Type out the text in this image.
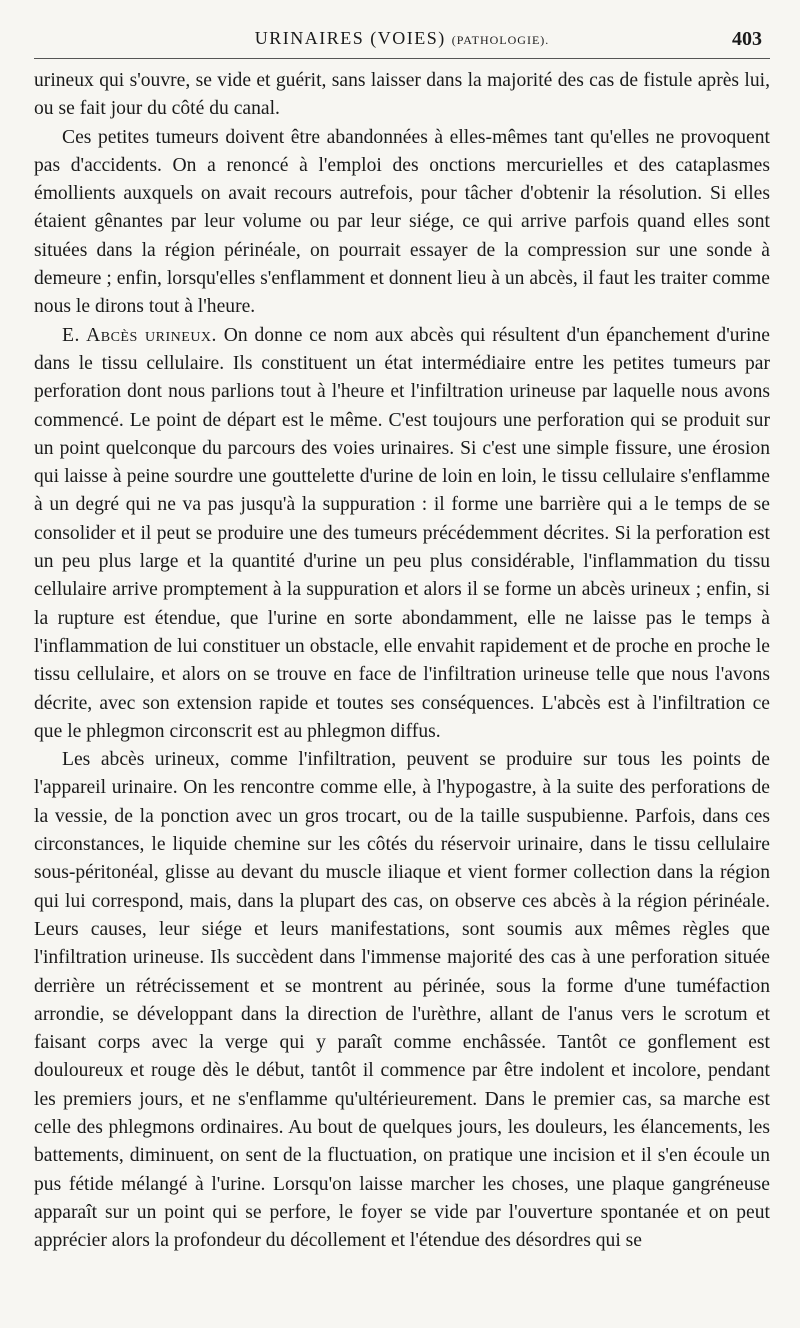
URINAIRES (VOIES) (PATHOLOGIE).	403

urineux qui s'ouvre, se vide et guérit, sans laisser dans la majorité des cas de fistule après lui, ou se fait jour du côté du canal.

Ces petites tumeurs doivent être abandonnées à elles-mêmes tant qu'elles ne provoquent pas d'accidents. On a renoncé à l'emploi des onctions mercurielles et des cataplasmes émollients auxquels on avait recours autrefois, pour tâcher d'obtenir la résolution. Si elles étaient gênantes par leur volume ou par leur siége, ce qui arrive parfois quand elles sont situées dans la région périnéale, on pourrait essayer de la compression sur une sonde à demeure ; enfin, lorsqu'elles s'enflamment et donnent lieu à un abcès, il faut les traiter comme nous le dirons tout à l'heure.

E. Abcès urineux. On donne ce nom aux abcès qui résultent d'un épanchement d'urine dans le tissu cellulaire. Ils constituent un état intermédiaire entre les petites tumeurs par perforation dont nous parlions tout à l'heure et l'infiltration urineuse par laquelle nous avons commencé. Le point de départ est le même. C'est toujours une perforation qui se produit sur un point quelconque du parcours des voies urinaires. Si c'est une simple fissure, une érosion qui laisse à peine sourdre une gouttelette d'urine de loin en loin, le tissu cellulaire s'enflamme à un degré qui ne va pas jusqu'à la suppuration : il forme une barrière qui a le temps de se consolider et il peut se produire une des tumeurs précédemment décrites. Si la perforation est un peu plus large et la quantité d'urine un peu plus considérable, l'inflammation du tissu cellulaire arrive promptement à la suppuration et alors il se forme un abcès urineux ; enfin, si la rupture est étendue, que l'urine en sorte abondamment, elle ne laisse pas le temps à l'inflammation de lui constituer un obstacle, elle envahit rapidement et de proche en proche le tissu cellulaire, et alors on se trouve en face de l'infiltration urineuse telle que nous l'avons décrite, avec son extension rapide et toutes ses conséquences. L'abcès est à l'infiltration ce que le phlegmon circonscrit est au phlegmon diffus.

Les abcès urineux, comme l'infiltration, peuvent se produire sur tous les points de l'appareil urinaire. On les rencontre comme elle, à l'hypogastre, à la suite des perforations de la vessie, de la ponction avec un gros trocart, ou de la taille suspubienne. Parfois, dans ces circonstances, le liquide chemine sur les côtés du réservoir urinaire, dans le tissu cellulaire sous-péritonéal, glisse au devant du muscle iliaque et vient former collection dans la région qui lui correspond, mais, dans la plupart des cas, on observe ces abcès à la région périnéale. Leurs causes, leur siége et leurs manifestations, sont soumis aux mêmes règles que l'infiltration urineuse. Ils succèdent dans l'immense majorité des cas à une perforation située derrière un rétrécissement et se montrent au périnée, sous la forme d'une tuméfaction arrondie, se développant dans la direction de l'urèthre, allant de l'anus vers le scrotum et faisant corps avec la verge qui y paraît comme enchâssée. Tantôt ce gonflement est douloureux et rouge dès le début, tantôt il commence par être indolent et incolore, pendant les premiers jours, et ne s'enflamme qu'ultérieurement. Dans le premier cas, sa marche est celle des phlegmons ordinaires. Au bout de quelques jours, les douleurs, les élancements, les battements, diminuent, on sent de la fluctuation, on pratique une incision et il s'en écoule un pus fétide mélangé à l'urine. Lorsqu'on laisse marcher les choses, une plaque gangréneuse apparaît sur un point qui se perfore, le foyer se vide par l'ouverture spontanée et on peut apprécier alors la profondeur du décollement et l'étendue des désordres qui se
